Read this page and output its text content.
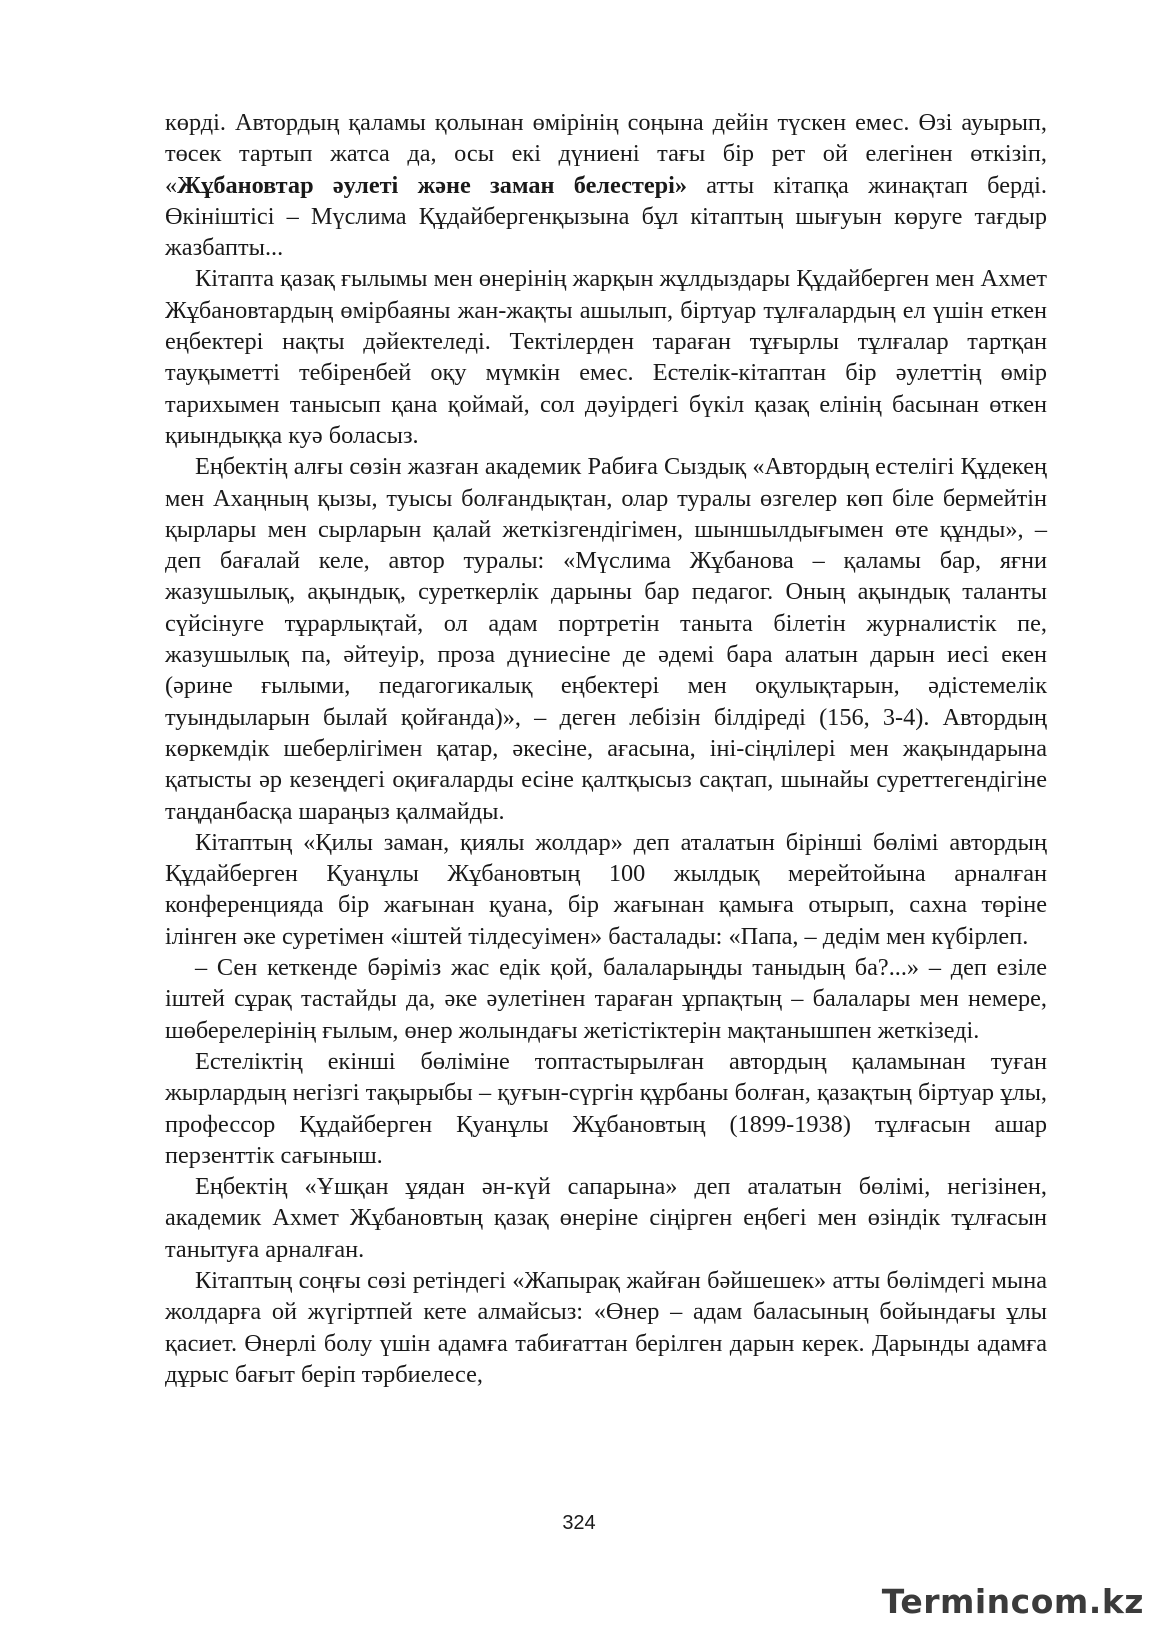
көрді. Автордың қаламы қолынан өмірінің соңына дейін түскен емес. Өзі ауырып, төсек тартып жатса да, осы екі дүниені тағы бір рет ой елегінен өткізіп, «Жұбановтар әулеті және заман белестері» атты кітапқа жинақтап берді. Өкініштісі – Мүслима Құдайбергенқызына бұл кітаптың шығуын көруге тағдыр жазбапты...

Кітапта қазақ ғылымы мен өнерінің жарқын жұлдыздары Құдайберген мен Ахмет Жұбановтардың өмірбаяны жан-жақты ашылып, біртуар тұлғалардың ел үшін еткен еңбектері нақты дәйектеледі. Тектілерден тараған тұғырлы тұлғалар тартқан тауқыметті тебіренбей оқу мүмкін емес. Естелік-кітаптан бір әулеттің өмір тарихымен танысып қана қоймай, сол дәуірдегі бүкіл қазақ елінің басынан өткен қиындыққа куә боласыз.

Еңбектің алғы сөзін жазған академик Рабиға Сыздық «Автордың естелігі Құдекең мен Ахаңның қызы, туысы болғандықтан, олар туралы өзгелер көп біле бермейтін қырлары мен сырларын қалай жеткізгендігімен, шыншылдығымен өте құнды», – деп бағалай келе, автор туралы: «Мүслима Жұбанова – қаламы бар, яғни жазушылық, ақындық, суреткерлік дарыны бар педагог. Оның ақындық таланты сүйсінуге тұрарлықтай, ол адам портретін таныта білетін журналистік пе, жазушылық па, әйтеуір, проза дүниесіне де әдемі бара алатын дарын иесі екен (әрине ғылыми, педагогикалық еңбектері мен оқулықтарын, әдістемелік туындыларын былай қойғанда)», – деген лебізін білдіреді (156, 3-4). Автордың көркемдік шеберлігімен қатар, әкесіне, ағасына, іні-сіңлілері мен жақындарына қатысты әр кезеңдегі оқиғаларды есіне қалтқысыз сақтап, шынайы суреттегендігіне таңданбасқа шараңыз қалмайды.

Кітаптың «Қилы заман, қиялы жолдар» деп аталатын бірінші бөлімі автордың Құдайберген Қуанұлы Жұбановтың 100 жылдық мерейтойына арналған конференцияда бір жағынан қуана, бір жағынан қамыға отырып, сахна төріне ілінген әке суретімен «іштей тілдесуімен» басталады: «Папа, – дедім мен күбірлеп.

– Сен кеткенде бәріміз жас едік қой, балаларыңды таныдың ба?...» – деп езіле іштей сұрақ тастайды да, әке әулетінен тараған ұрпақтың – балалары мен немере, шөберелерінің ғылым, өнер жолындағы жетістіктерін мақтанышпен жеткізеді.

Естеліктің екінші бөліміне топтастырылған автордың қаламынан туған жырлардың негізгі тақырыбы – қуғын-сүргін құрбаны болған, қазақтың біртуар ұлы, профессор Құдайберген Қуанұлы Жұбановтың (1899-1938) тұлғасын ашар перзенттік сағыныш.

Еңбектің «Ұшқан ұядан ән-күй сапарына» деп аталатын бөлімі, негізінен, академик Ахмет Жұбановтың қазақ өнеріне сіңірген еңбегі мен өзіндік тұлғасын танытуға арналған.

Кітаптың соңғы сөзі ретіндегі «Жапырақ жайған бәйшешек» атты бөлімдегі мына жолдарға ой жүгіртпей кете алмайсыз: «Өнер – адам баласының бойындағы ұлы қасиет. Өнерлі болу үшін адамға табиғаттан берілген дарын керек. Дарынды адамға дұрыс бағыт беріп тәрбиелесе,

324
Termincom.kz
